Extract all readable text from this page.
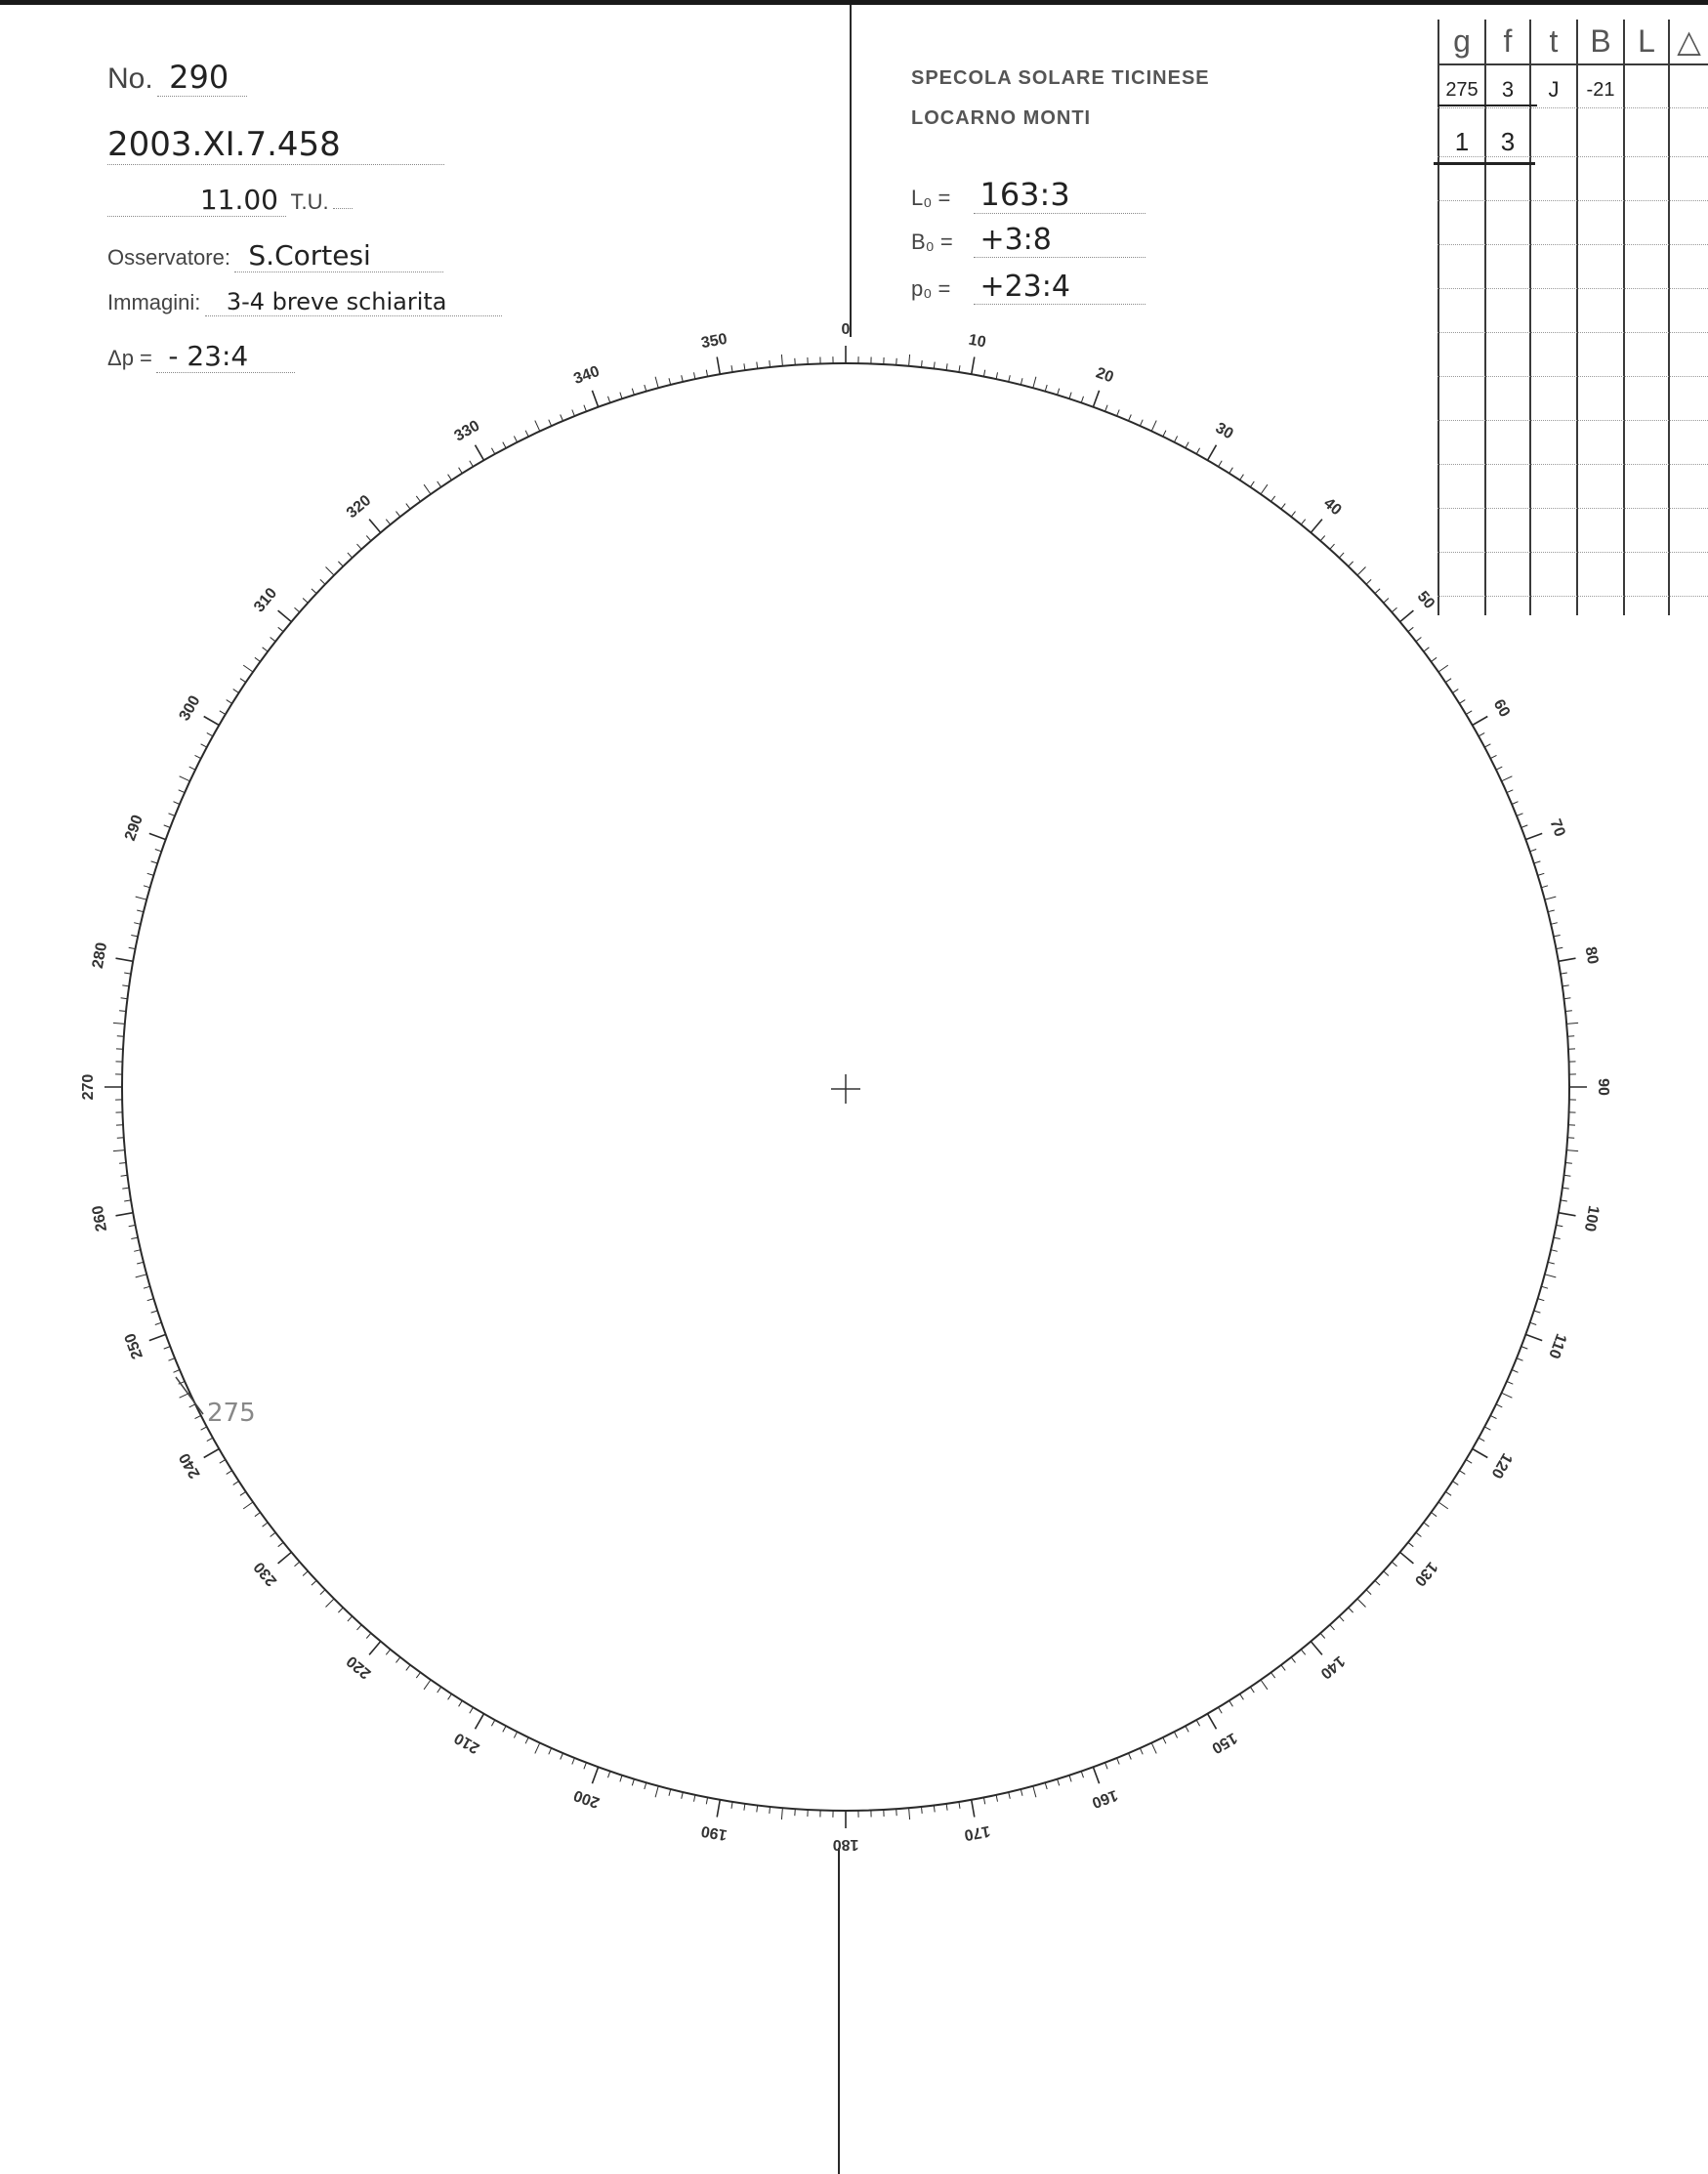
No. 290
2003.XI.7.458
11.00 T.U.
Osservatore: S.Cortesi
Immagini: 3-4 breve schiarita
Δp = - 23:4
SPECOLA SOLARE TICINESE
LOCARNO MONTI
L₀ = 163:3
B₀ = +3:8
p₀ = +23:4
g	f	t	B L △
275	3	J	-21
1	3
0
10
20
30
40
50
60
70
80
90
100
110
120
130
140
150
160
170
180
190
200
210
220
230
240
250
260
270
280
290
300
310
320
330
340
350
275
